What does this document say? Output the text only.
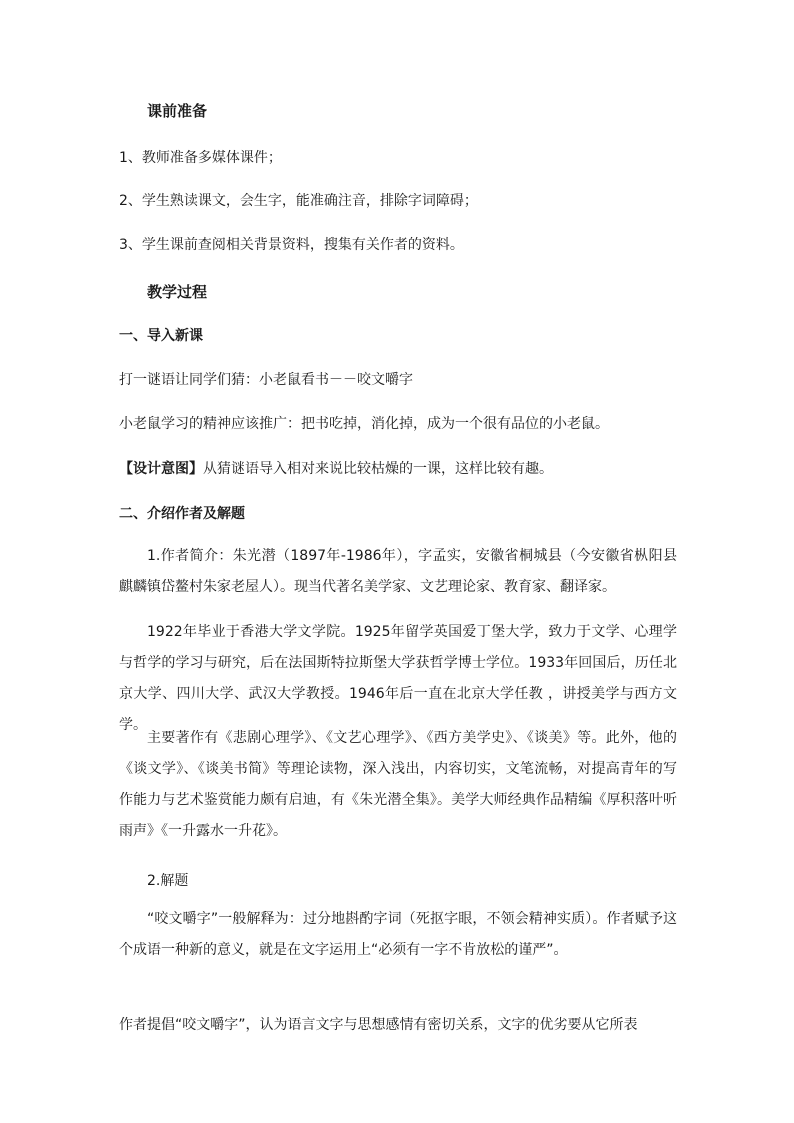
课前准备
1、教师准备多媒体课件；
2、学生熟读课文，会生字，能准确注音，排除字词障碍；
3、学生课前查阅相关背景资料，搜集有关作者的资料。
教学过程
一、导入新课
打一谜语让同学们猜：小老鼠看书－－咬文嚼字
小老鼠学习的精神应该推广：把书吃掉，消化掉，成为一个很有品位的小老鼠。
【设计意图】从猜谜语导入相对来说比较枯燥的一课，这样比较有趣。
二、介绍作者及解题
1.作者简介：朱光潜（1897年-1986年），字孟实，安徽省桐城县（今安徽省枞阳县麒麟镇岱鳌村朱家老屋人）。现当代著名美学家、文艺理论家、教育家、翻译家。
1922年毕业于香港大学文学院。1925年留学英国爱丁堡大学，致力于文学、心理学与哲学的学习与研究，后在法国斯特拉斯堡大学获哲学博士学位。1933年回国后，历任北京大学、四川大学、武汉大学教授。1946年后一直在北京大学任教 ，讲授美学与西方文学。
主要著作有《悲剧心理学》、《文艺心理学》、《西方美学史》、《谈美》等。此外，他的《谈文学》、《谈美书简》等理论读物，深入浅出，内容切实，文笔流畅，对提高青年的写作能力与艺术鉴赏能力颇有启迪，有《朱光潜全集》。美学大师经典作品精编《厚积落叶听雨声》《一升露水一升花》。
2.解题
“咬文嚼字”一般解释为：过分地斟酌字词（死抠字眼，不领会精神实质）。作者赋予这个成语一种新的意义，就是在文字运用上“必须有一字不肯放松的谨严”。
作者提倡“咬文嚼字”，认为语言文字与思想感情有密切关系，文字的优劣要从它所表
